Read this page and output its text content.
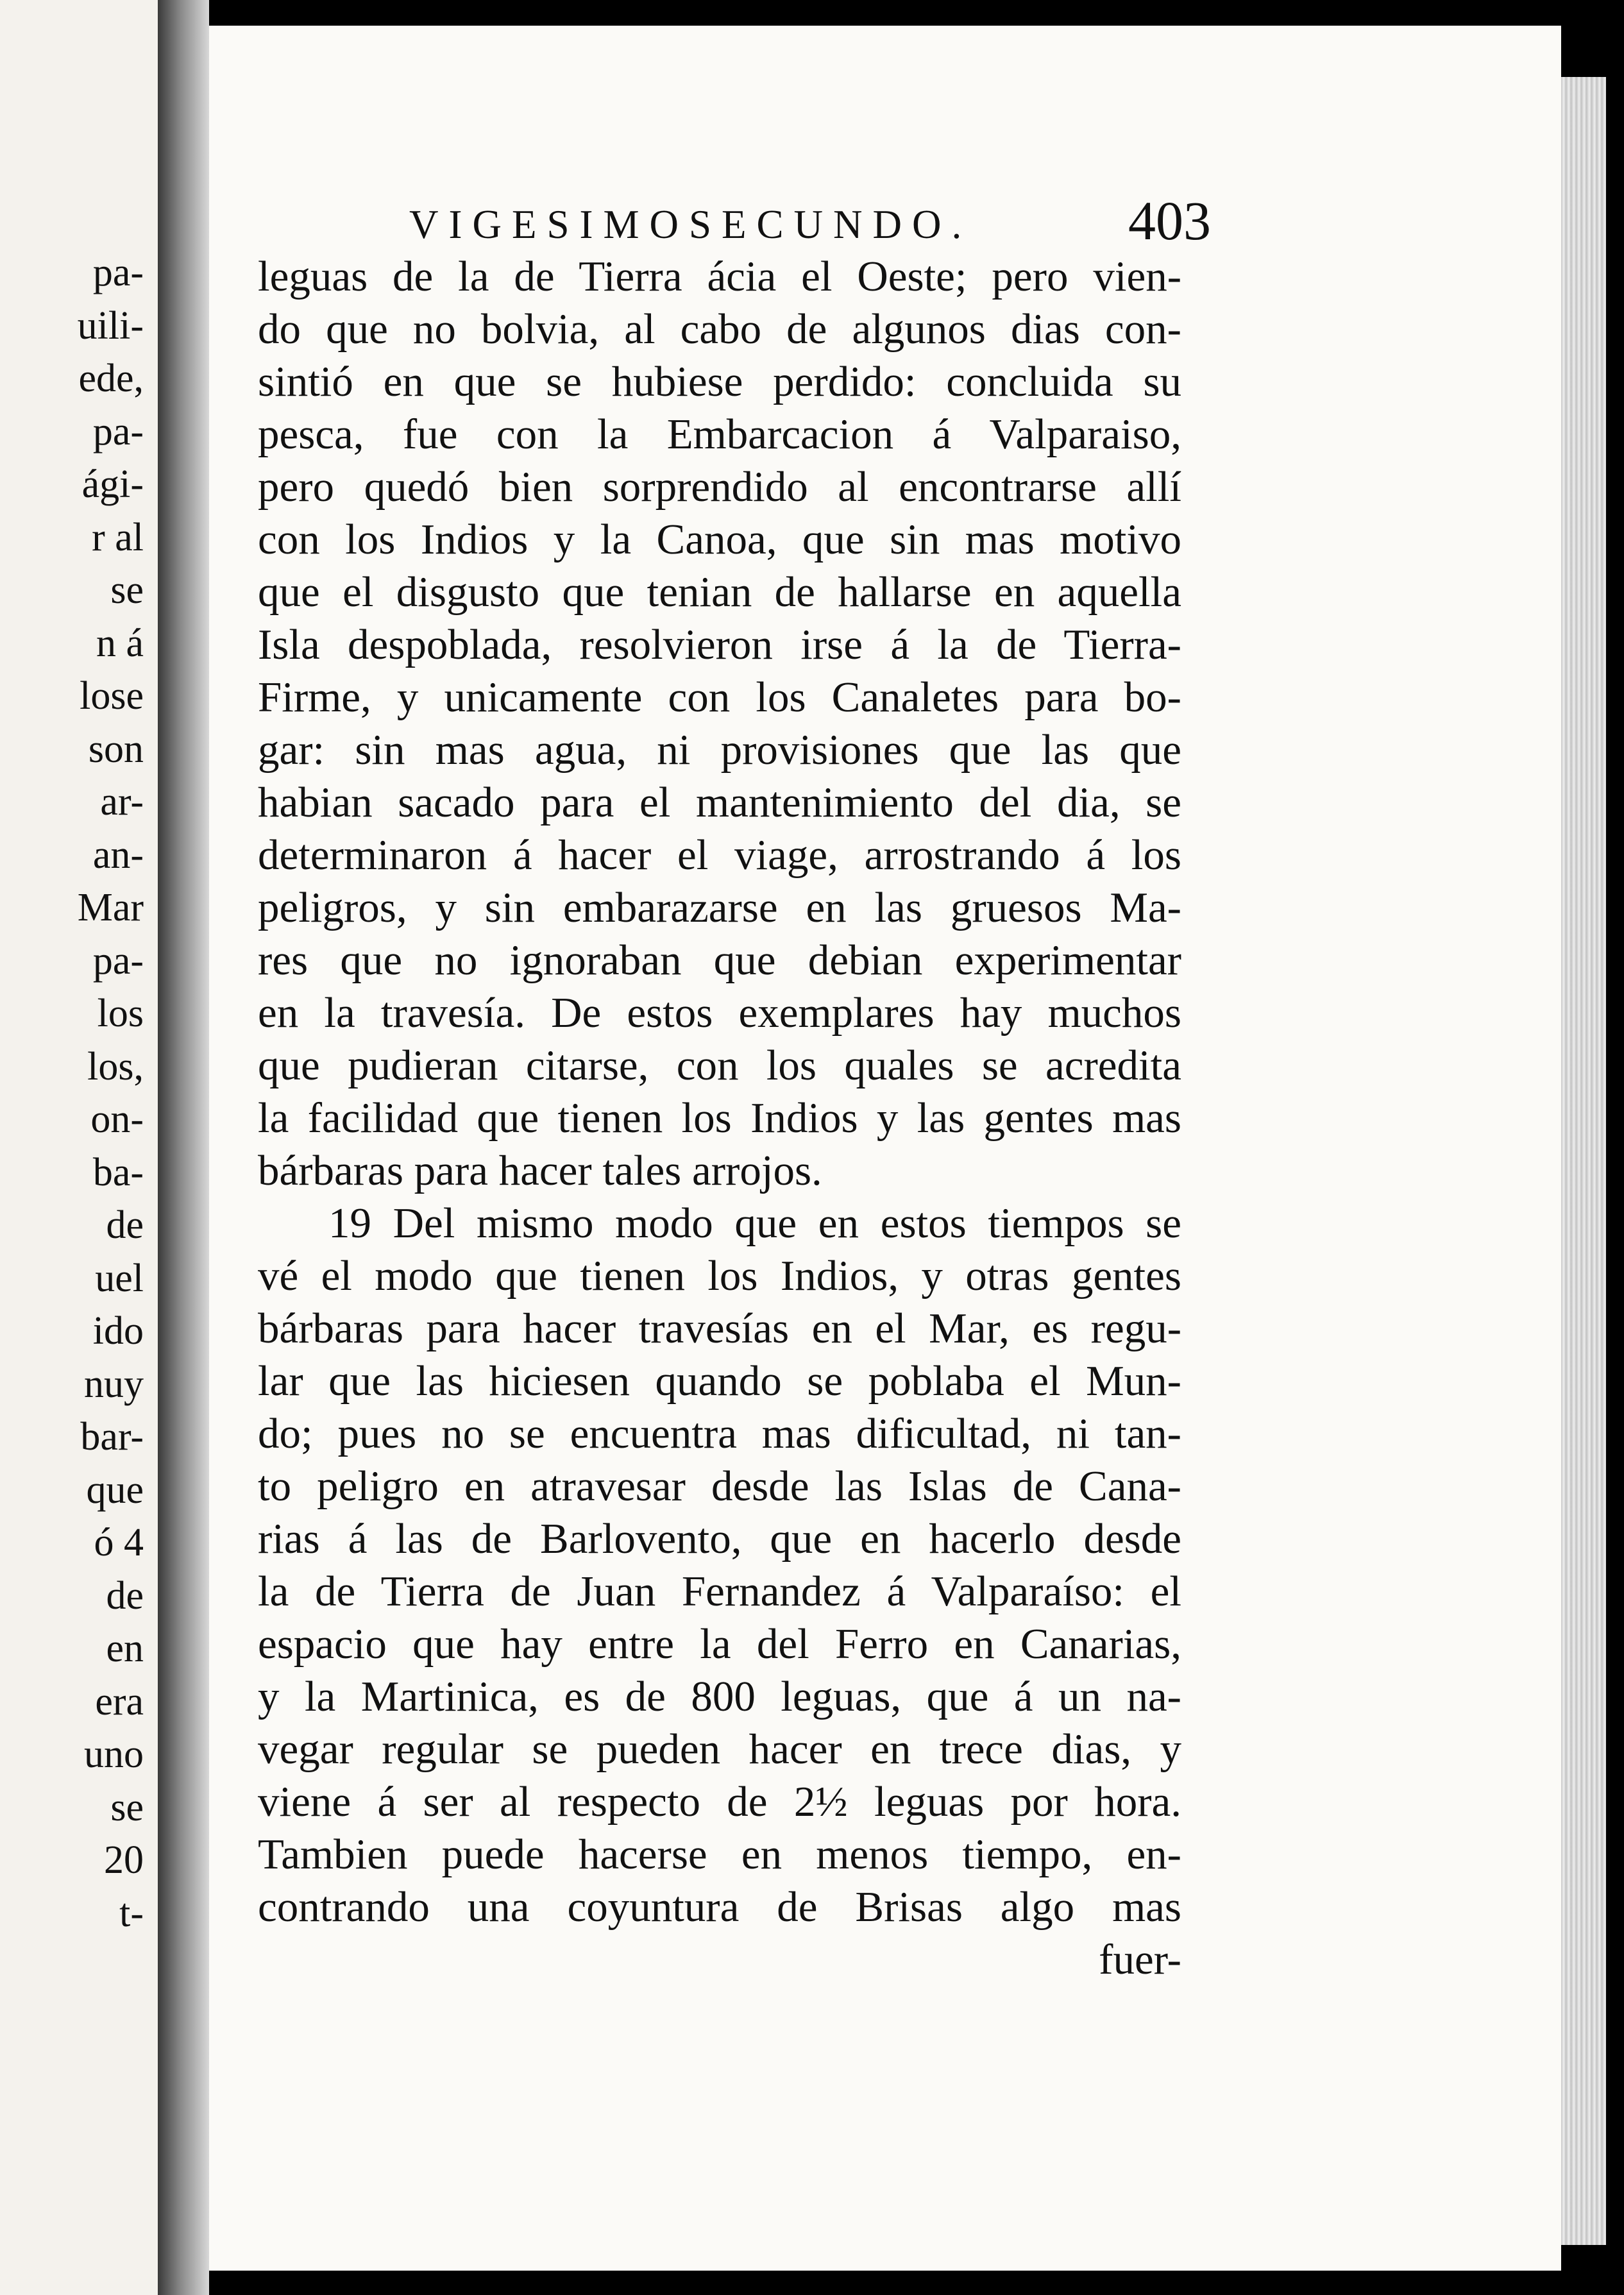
pa-
uili-
ede,
pa-
ági-
r al
se
n á
lose
son
ar-
an-
Mar
pa-
los
los,
on-
ba-
de
uel
ido
nuy
bar-
que
ó 4
de
en
era
uno
se
20
t-
VIGESIMOSECUNDO.	403
leguas de la de Tierra ácia el Oeste; pero vien-
do que no bolvia, al cabo de algunos dias con-
sintió en que se hubiese perdido: concluida su
pesca, fue con la Embarcacion á Valparaiso,
pero quedó bien sorprendido al encontrarse allí
con los Indios y la Canoa, que sin mas motivo
que el disgusto que tenian de hallarse en aquella
Isla despoblada, resolvieron irse á la de Tierra-
Firme, y unicamente con los Canaletes para bo-
gar: sin mas agua, ni provisiones que las que
habian sacado para el mantenimiento del dia, se
determinaron á hacer el viage, arrostrando á los
peligros, y sin embarazarse en las gruesos Ma-
res que no ignoraban que debian experimentar
en la travesía. De estos exemplares hay muchos
que pudieran citarse, con los quales se acredita
la facilidad que tienen los Indios y las gentes mas
bárbaras para hacer tales arrojos.
19 Del mismo modo que en estos tiempos se
vé el modo que tienen los Indios, y otras gentes
bárbaras para hacer travesías en el Mar, es regu-
lar que las hiciesen quando se poblaba el Mun-
do; pues no se encuentra mas dificultad, ni tan-
to peligro en atravesar desde las Islas de Cana-
rias á las de Barlovento, que en hacerlo desde
la de Tierra de Juan Fernandez á Valparaíso: el
espacio que hay entre la del Ferro en Canarias,
y la Martinica, es de 800 leguas, que á un na-
vegar regular se pueden hacer en trece dias, y
viene á ser al respecto de 2½ leguas por hora.
Tambien puede hacerse en menos tiempo, en-
contrando una coyuntura de Brisas algo mas
fuer-
